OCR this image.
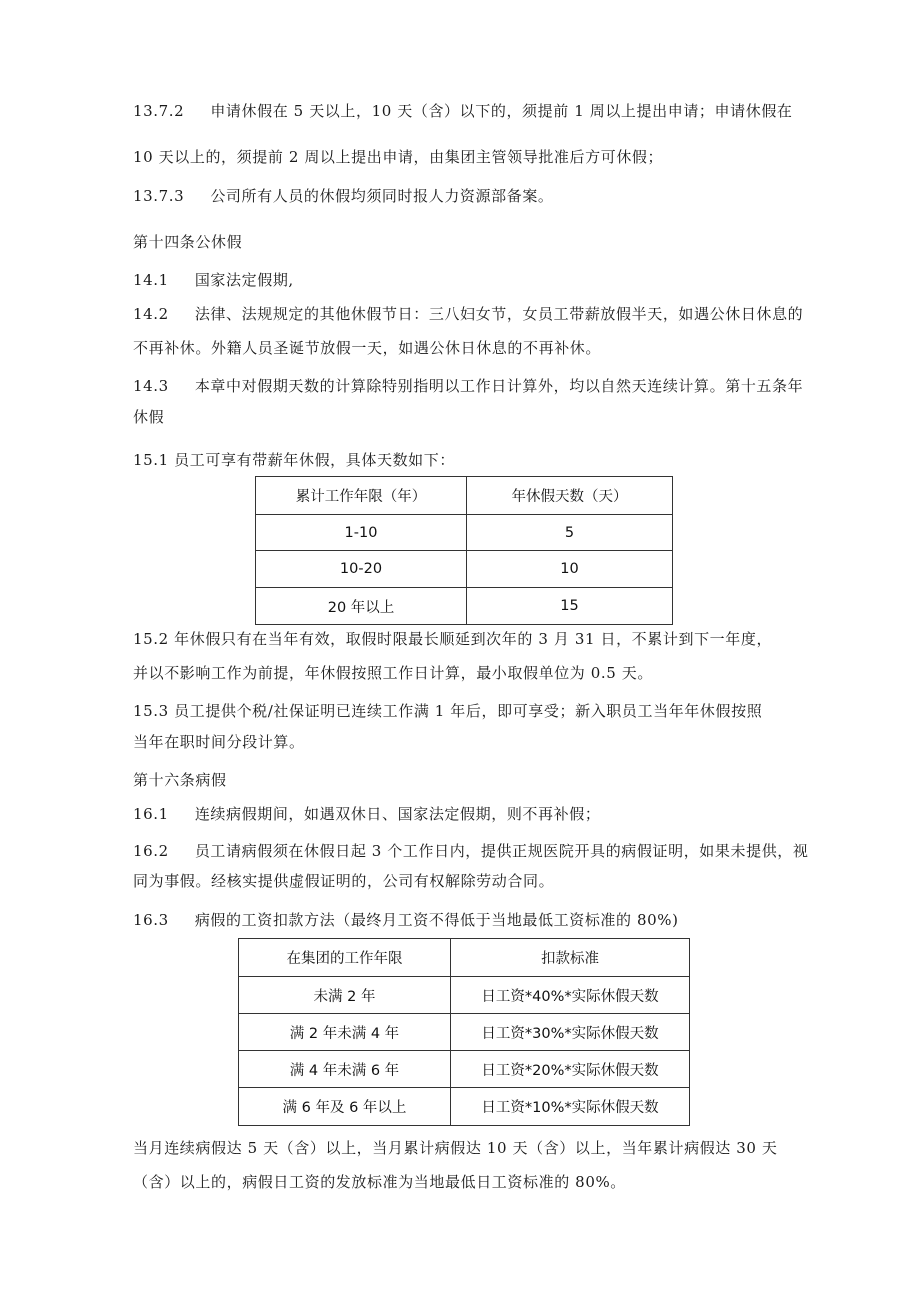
13.7.2 申请休假在 5 天以上，10 天（含）以下的，须提前 1 周以上提出申请；申请休假在
10 天以上的，须提前 2 周以上提出申请，由集团主管领导批准后方可休假；
13.7.3 公司所有人员的休假均须同时报人力资源部备案。
第十四条公休假
14.1 国家法定假期,
14.2 法律、法规规定的其他休假节日：三八妇女节，女员工带薪放假半天，如遇公休日休息的
不再补休。外籍人员圣诞节放假一天，如遇公休日休息的不再补休。
14.3 本章中对假期天数的计算除特别指明以工作日计算外，均以自然天连续计算。第十五条年
休假
15.1 员工可享有带薪年休假，具体天数如下：
累计工作年限（年）	年休假天数（天）
1-10	5
10-20	10
20 年以上	15
15.2 年休假只有在当年有效，取假时限最长顺延到次年的 3 月 31 日，不累计到下一年度，
并以不影响工作为前提，年休假按照工作日计算，最小取假单位为 0.5 天。
15.3 员工提供个税/社保证明已连续工作满 1 年后，即可享受；新入职员工当年年休假按照
当年在职时间分段计算。
第十六条病假
16.1 连续病假期间，如遇双休日、国家法定假期，则不再补假；
16.2 员工请病假须在休假日起 3 个工作日内，提供正规医院开具的病假证明，如果未提供，视
同为事假。经核实提供虚假证明的，公司有权解除劳动合同。
16.3 病假的工资扣款方法（最终月工资不得低于当地最低工资标准的 80%)
在集团的工作年限	扣款标准
未满 2 年	日工资*40%*实际休假天数
满 2 年未满 4 年	日工资*30%*实际休假天数
满 4 年未满 6 年	日工资*20%*实际休假天数
满 6 年及 6 年以上	日工资*10%*实际休假天数
当月连续病假达 5 天（含）以上，当月累计病假达 10 天（含）以上，当年累计病假达 30 天
（含）以上的，病假日工资的发放标准为当地最低日工资标准的 80%。
